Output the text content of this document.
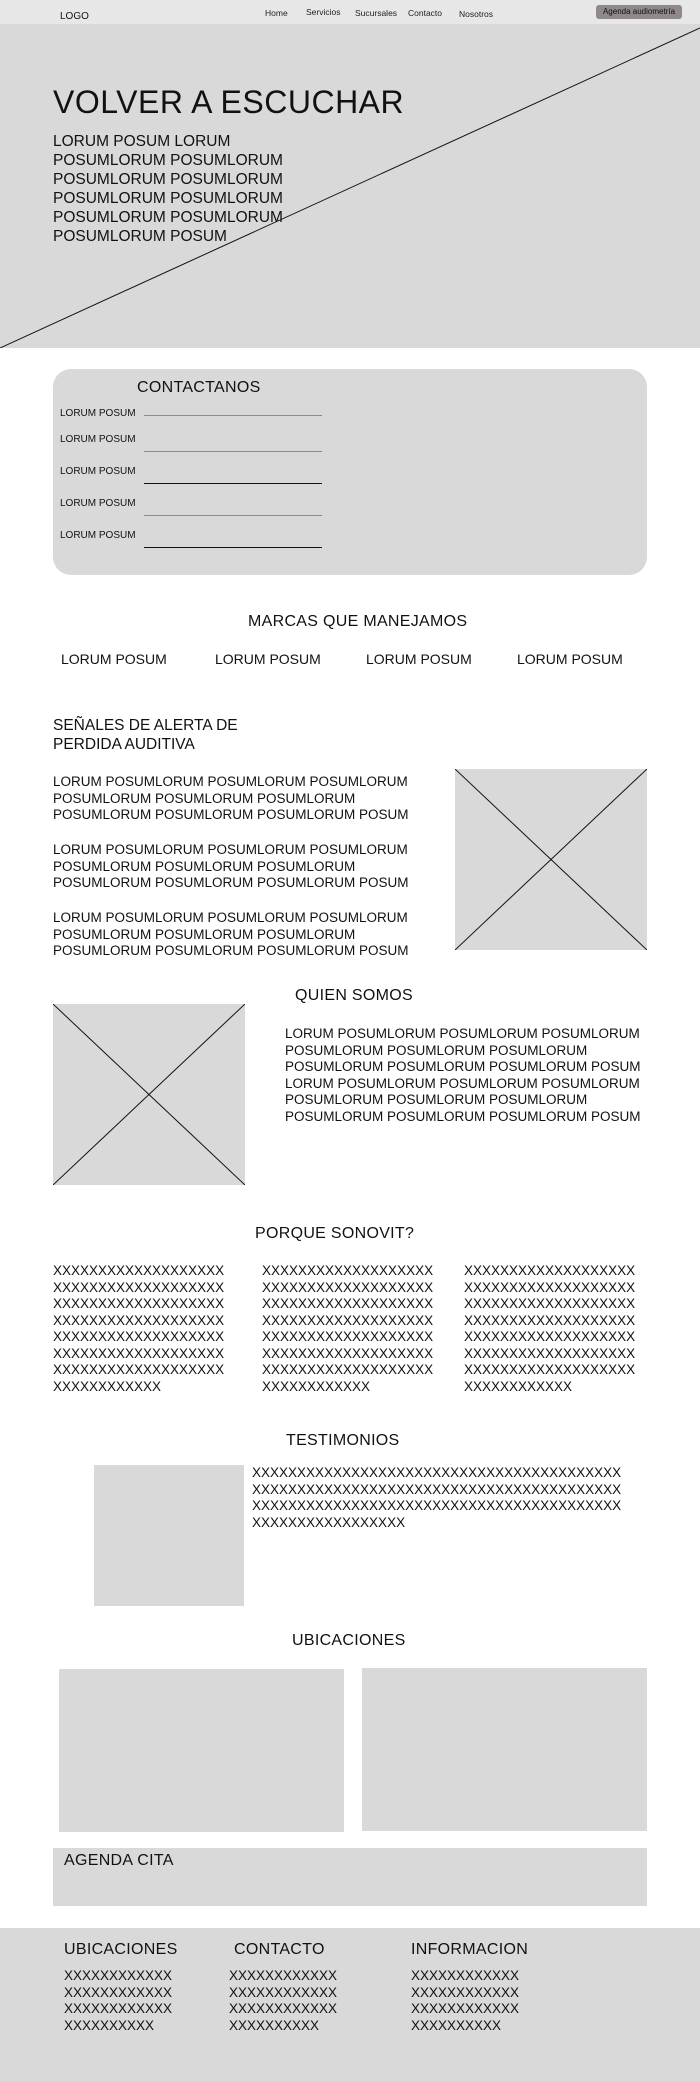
LOGO	Home Servicios Sucursales Contacto Nosotros	Agenda audiometría
VOLVER A ESCUCHAR
LORUM POSUM LORUM
POSUMLORUM POSUMLORUM
POSUMLORUM POSUMLORUM
POSUMLORUM POSUMLORUM
POSUMLORUM POSUMLORUM
POSUMLORUM POSUM
CONTACTANOS
LORUM POSUM
LORUM POSUM
LORUM POSUM
LORUM POSUM
LORUM POSUM
MARCAS QUE MANEJAMOS
LORUM POSUM	LORUM POSUM	LORUM POSUM	LORUM POSUM
SEÑALES DE ALERTA DE PERDIDA AUDITIVA

LORUM POSUMLORUM POSUMLORUM POSUMLORUM POSUMLORUM POSUMLORUM POSUMLORUM POSUMLORUM POSUMLORUM POSUMLORUM POSUM

LORUM POSUMLORUM POSUMLORUM POSUMLORUM POSUMLORUM POSUMLORUM POSUMLORUM POSUMLORUM POSUMLORUM POSUMLORUM POSUM

LORUM POSUMLORUM POSUMLORUM POSUMLORUM POSUMLORUM POSUMLORUM POSUMLORUM POSUMLORUM POSUMLORUM POSUMLORUM POSUM

QUIEN SOMOS

LORUM POSUMLORUM POSUMLORUM POSUMLORUM POSUMLORUM POSUMLORUM POSUMLORUM POSUMLORUM POSUMLORUM POSUMLORUM POSUM LORUM POSUMLORUM POSUMLORUM POSUMLORUM POSUMLORUM POSUMLORUM POSUMLORUM POSUMLORUM POSUMLORUM POSUMLORUM POSUM

PORQUE SONOVIT?

XXXXXXXXXXXXXXXXXXXXXXXXXXXXXXXXXXXXXXXXXXXXXXXXXXXXXXXXXXXXXXXXXXXXXXXXXXXXXXXXXXXXXXXXXXXXXXXXXXXXXXXXXXXXXXXXXXXXXXXXXXXXXXXXXXXXXXXXXXXXXXXXX

XXXXXXXXXXXXXXXXXXXXXXXXXXXXXXXXXXXXXXXXXXXXXXXXXXXXXXXXXXXXXXXXXXXXXXXXXXXXXXXXXXXXXXXXXXXXXXXXXXXXXXXXXXXXXXXXXXXXXXXXXXXXXXXXXXXXXXXXXXXXXXXXX

XXXXXXXXXXXXXXXXXXXXXXXXXXXXXXXXXXXXXXXXXXXXXXXXXXXXXXXXXXXXXXXXXXXXXXXXXXXXXXXXXXXXXXXXXXXXXXXXXXXXXXXXXXXXXXXXXXXXXXXXXXXXXXXXXXXXXXXXXXXXXXXXX

TESTIMONIOS

XXXXXXXXXXXXXXXXXXXXXXXXXXXXXXXXXXXXXXXXXXXXXXXXXXXXXXXXXXXXXXXXXXXXXXXXXXXXXXXXXXXXXXXXXXXXXXXXXXXXXXXXXXXXXXXXXXXXXXXXXXXXXXXXXXXXXXXXXXXX

UBICACIONES
AGENDA CITA
UBICACIONES
XXXXXXXXXXXX
XXXXXXXXXXXX
XXXXXXXXXXXX
XXXXXXXXXX
CONTACTO
XXXXXXXXXXXX
XXXXXXXXXXXX
XXXXXXXXXXXX
XXXXXXXXXX
INFORMACION
XXXXXXXXXXXX
XXXXXXXXXXXX
XXXXXXXXXXXX
XXXXXXXXXX
